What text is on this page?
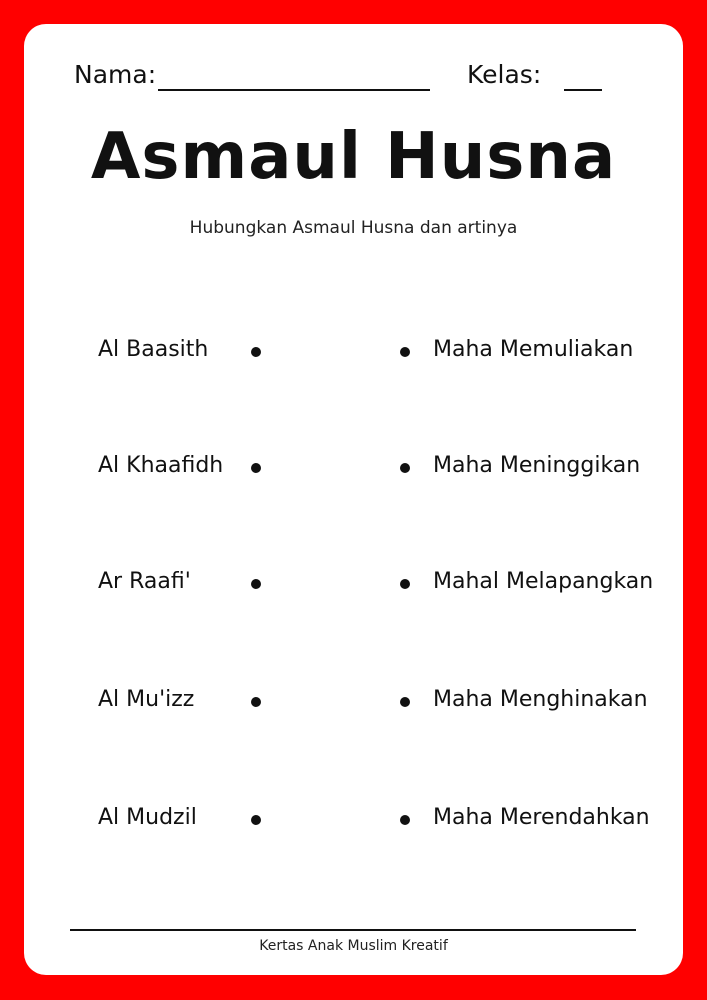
Nama:	Kelas:
Asmaul Husna
Hubungkan Asmaul Husna dan artinya
Al Baasith	Maha Memuliakan
Al Khaafidh	Maha Meninggikan
Ar Raafi'	Mahal Melapangkan
Al Mu'izz	Maha Menghinakan
Al Mudzil	Maha Merendahkan
Kertas Anak Muslim Kreatif
